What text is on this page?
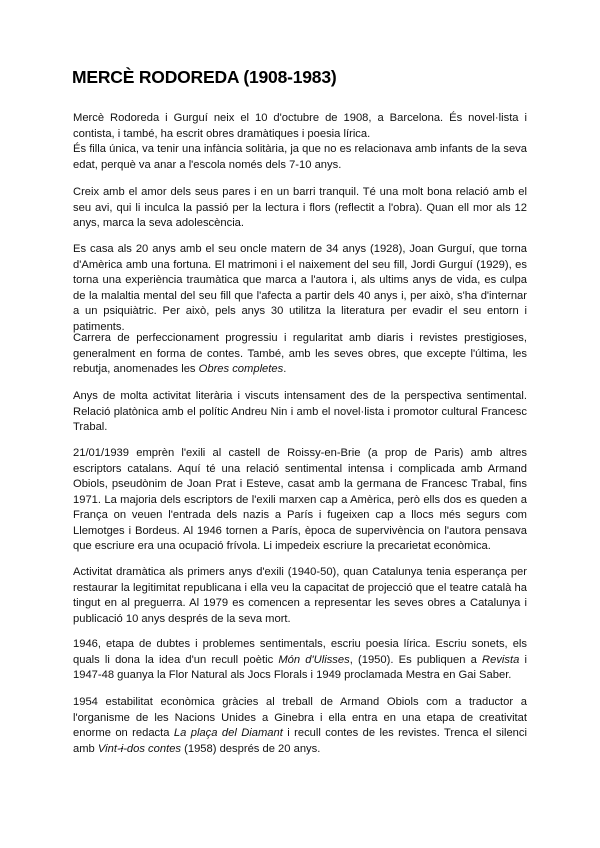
MERCÈ RODOREDA (1908-1983)

Mercè Rodoreda i Gurguí neix el 10 d'octubre de 1908, a Barcelona. És novel·lista i contista, i també, ha escrit obres dramàtiques i poesia lírica.
És filla única, va tenir una infància solitària, ja que no es relacionava amb infants de la seva edat, perquè va anar a l'escola només dels 7-10 anys.

Creix amb el amor dels seus pares i en un barri tranquil. Té una molt bona relació amb el seu avi, qui li inculca la passió per la lectura i flors (reflectit a l'obra). Quan ell mor als 12 anys, marca la seva adolescència.

Es casa als 20 anys amb el seu oncle matern de 34 anys (1928), Joan Gurguí, que torna d'Amèrica amb una fortuna. El matrimoni i el naixement del seu fill, Jordi Gurguí (1929), es torna una experiència traumàtica que marca a l'autora i, als ultims anys de vida, es culpa de la malaltia mental del seu fill que l'afecta a partir dels 40 anys i, per això, s'ha d'internar a un psiquiàtric. Per això, pels anys 30 utilitza la literatura per evadir el seu entorn i patiments.

Carrera de perfeccionament progressiu i regularitat amb diaris i revistes prestigioses, generalment en forma de contes. També, amb les seves obres, que excepte l'última, les rebutja, anomenades les Obres completes.

Anys de molta activitat literària i viscuts intensament des de la perspectiva sentimental. Relació platònica amb el polític Andreu Nin i amb el novel·lista i promotor cultural Francesc Trabal.

21/01/1939 emprèn l'exili al castell de Roissy-en-Brie (a prop de Paris) amb altres escriptors catalans. Aquí té una relació sentimental intensa i complicada amb Armand Obiols, pseudònim de Joan Prat i Esteve, casat amb la germana de Francesc Trabal, fins 1971. La majoria dels escriptors de l'exili marxen cap a Amèrica, però ells dos es queden a França on veuen l'entrada dels nazis a París i fugeixen cap a llocs més segurs com Llemotges i Bordeus. Al 1946 tornen a París, època de supervivència on l'autora pensava que escriure era una ocupació frívola. Li impedeix escriure la precarietat econòmica.

Activitat dramàtica als primers anys d'exili (1940-50), quan Catalunya tenia esperança per restaurar la legitimitat republicana i ella veu la capacitat de projecció que el teatre català ha tingut en al preguerra. Al 1979 es comencen a representar les seves obres a Catalunya i publicació 10 anys després de la seva mort.

1946, etapa de dubtes i problemes sentimentals, escriu poesia lírica. Escriu sonets, els quals li dona la idea d'un recull poètic Món d'Ulisses, (1950). Es publiquen a Revista i 1947-48 guanya la Flor Natural als Jocs Florals i 1949 proclamada Mestra en Gai Saber.

1954 estabilitat econòmica gràcies al treball de Armand Obiols com a traductor a l'organisme de les Nacions Unides a Ginebra i ella entra en una etapa de creativitat enorme on redacta La plaça del Diamant i recull contes de les revistes. Trenca el silenci amb Vint-i-dos contes (1958) després de 20 anys.
